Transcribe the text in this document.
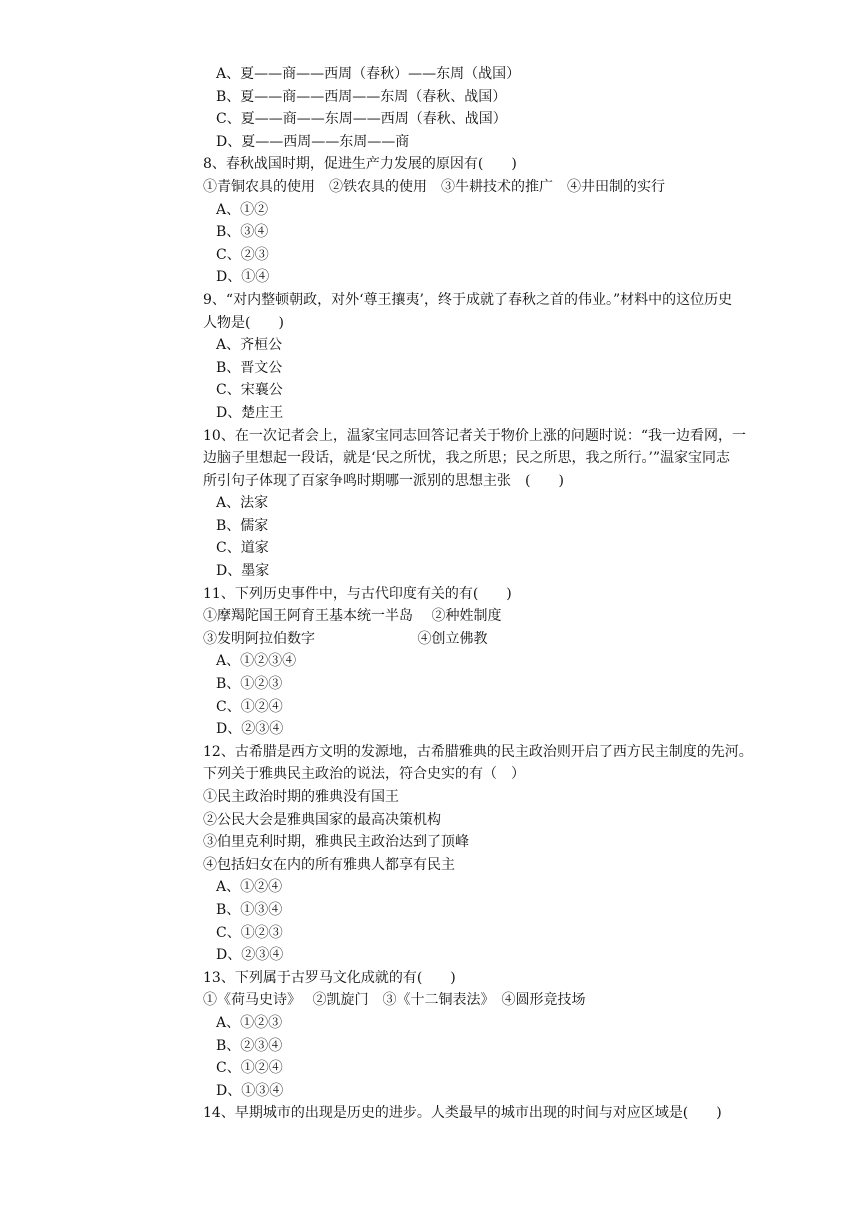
A、夏——商——西周（春秋）——东周（战国）
B、夏——商——西周——东周（春秋、战国）
C、夏——商——东周——西周（春秋、战国）
D、夏——西周——东周——商
8、春秋战国时期，促进生产力发展的原因有(　　)
①青铜农具的使用　②铁农具的使用　③牛耕技术的推广　④井田制的实行
A、①②
B、③④
C、②③
D、①④
9、“对内整顿朝政，对外‘尊王攘夷’，终于成就了春秋之首的伟业。”材料中的这位历史
人物是(　　)
A、齐桓公
B、晋文公
C、宋襄公
D、楚庄王
10、在一次记者会上，温家宝同志回答记者关于物价上涨的问题时说：“我一边看网，一
边脑子里想起一段话，就是‘民之所忧，我之所思；民之所思，我之所行。’”温家宝同志
所引句子体现了百家争鸣时期哪一派别的思想主张　(　　)
A、法家
B、儒家
C、道家
D、墨家
11、下列历史事件中，与古代印度有关的有(　　)
①摩羯陀国王阿育王基本统一半岛　 ②种姓制度
③发明阿拉伯数字　　　　　　　 ④创立佛教
A、①②③④
B、①②③
C、①②④
D、②③④
12、古希腊是西方文明的发源地，古希腊雅典的民主政治则开启了西方民主制度的先河。
下列关于雅典民主政治的说法，符合史实的有（　）
①民主政治时期的雅典没有国王
②公民大会是雅典国家的最高决策机构
③伯里克利时期，雅典民主政治达到了顶峰
④包括妇女在内的所有雅典人都享有民主
A、①②④
B、①③④
C、①②③
D、②③④
13、下列属于古罗马文化成就的有(　　)
①《荷马史诗》　 ②凯旋门　③《十二铜表法》　④圆形竞技场
A、①②③
B、②③④
C、①②④
D、①③④
14、早期城市的出现是历史的进步。人类最早的城市出现的时间与对应区域是(　　)
